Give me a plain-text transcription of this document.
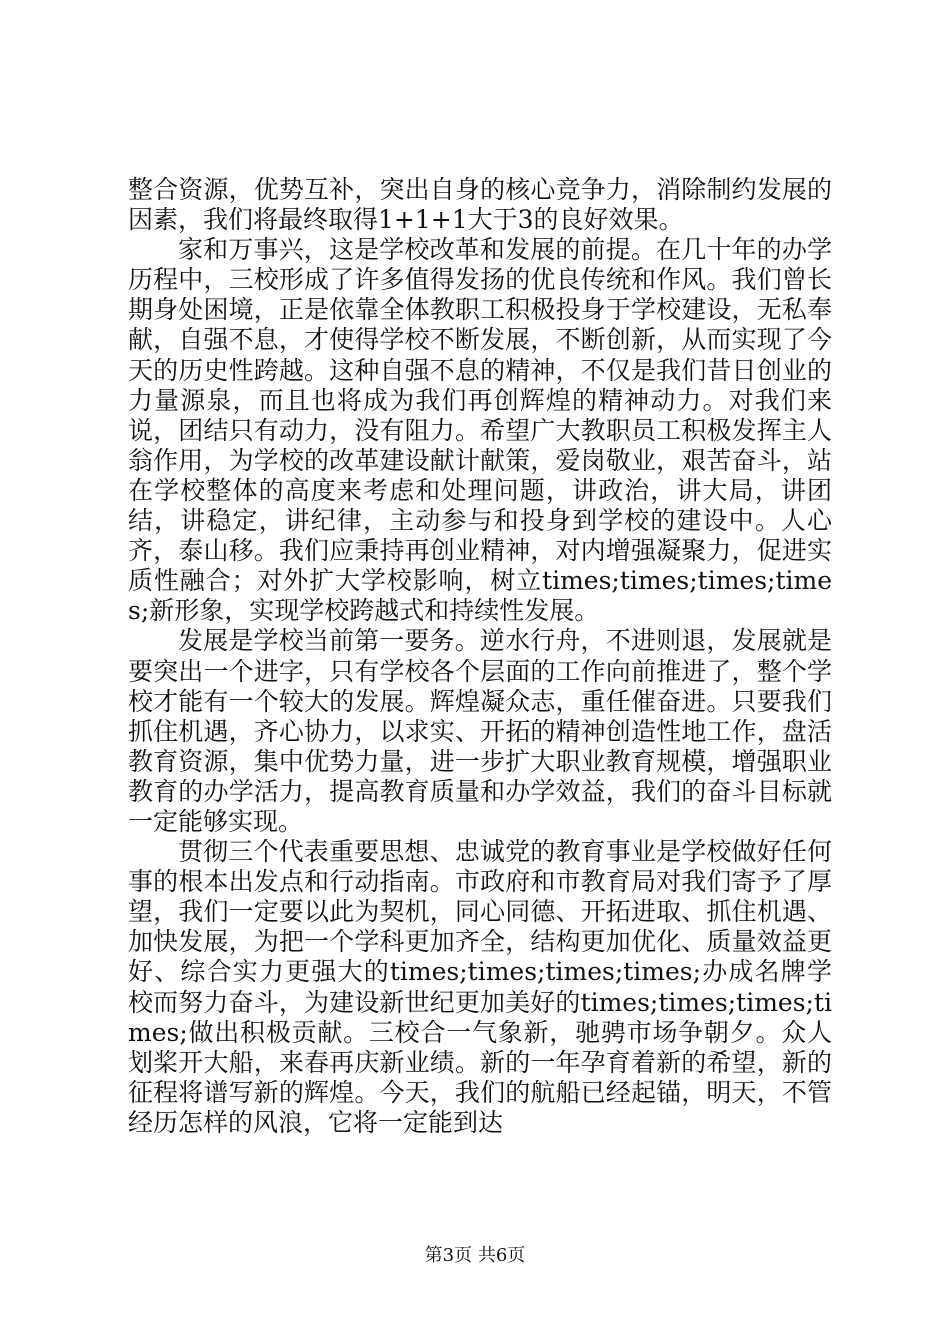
整合资源，优势互补，突出自身的核心竞争力，消除制约发展的因素，我们将最终取得1+1+1大于3的良好效果。

家和万事兴，这是学校改革和发展的前提。在几十年的办学历程中，三校形成了许多值得发扬的优良传统和作风。我们曾长期身处困境，正是依靠全体教职工积极投身于学校建设，无私奉献，自强不息，才使得学校不断发展，不断创新，从而实现了今天的历史性跨越。这种自强不息的精神，不仅是我们昔日创业的力量源泉，而且也将成为我们再创辉煌的精神动力。对我们来说，团结只有动力，没有阻力。希望广大教职员工积极发挥主人翁作用，为学校的改革建设献计献策，爱岗敬业，艰苦奋斗，站在学校整体的高度来考虑和处理问题，讲政治，讲大局，讲团结，讲稳定，讲纪律，主动参与和投身到学校的建设中。人心齐，泰山移。我们应秉持再创业精神，对内增强凝聚力，促进实质性融合；对外扩大学校影响，树立times;times;times;times;新形象，实现学校跨越式和持续性发展。

发展是学校当前第一要务。逆水行舟，不进则退，发展就是要突出一个进字，只有学校各个层面的工作向前推进了，整个学校才能有一个较大的发展。辉煌凝众志，重任催奋进。只要我们抓住机遇，齐心协力，以求实、开拓的精神创造性地工作，盘活教育资源，集中优势力量，进一步扩大职业教育规模，增强职业教育的办学活力，提高教育质量和办学效益，我们的奋斗目标就一定能够实现。

贯彻三个代表重要思想、忠诚党的教育事业是学校做好任何事的根本出发点和行动指南。市政府和市教育局对我们寄予了厚望，我们一定要以此为契机，同心同德、开拓进取、抓住机遇、加快发展，为把一个学科更加齐全，结构更加优化、质量效益更好、综合实力更强大的times;times;times;times;办成名牌学校而努力奋斗，为建设新世纪更加美好的times;times;times;times;做出积极贡献。三校合一气象新，驰骋市场争朝夕。众人划桨开大船，来春再庆新业绩。新的一年孕育着新的希望，新的征程将谱写新的辉煌。今天，我们的航船已经起锚，明天，不管经历怎样的风浪，它将一定能到达

第3页 共6页
